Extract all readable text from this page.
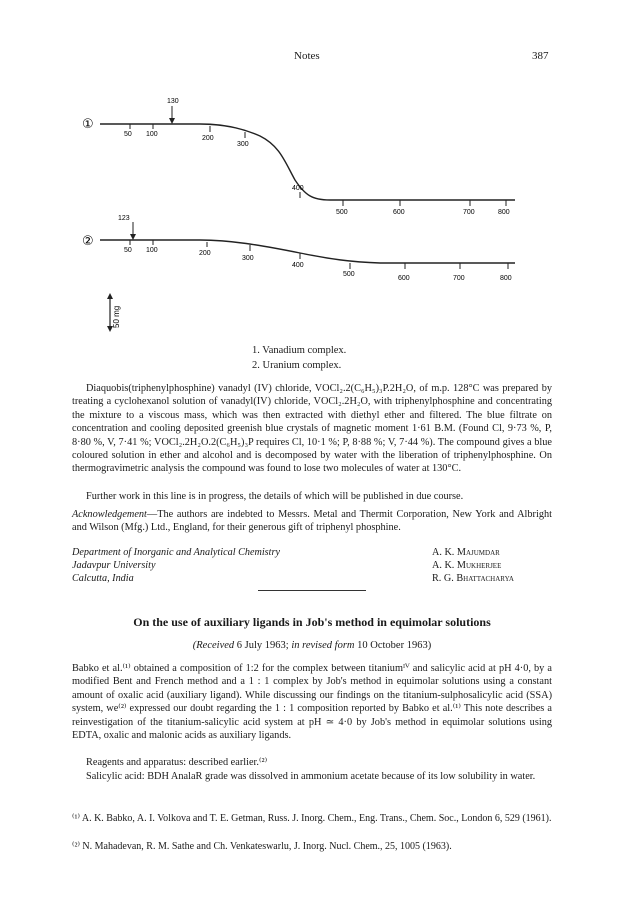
Notes	387
①
130
50 100
200
300
400
500	600	700	800
②
123
50 100	200
300
400
500
600	700	800
50 mg
1. Vanadium complex.
2. Uranium complex.

Diaquobis(triphenylphosphine) vanadyl (IV) chloride, VOCl₂.2(C₆H₅)₃P.2H₂O, of m.p. 128°C was prepared by treating a cyclohexanol solution of vanadyl(IV) chloride, VOCl₂.2H₂O, with triphenylphosphine and concentrating the mixture to a viscous mass, which was then extracted with diethyl ether and filtered. The blue filtrate on concentration and cooling deposited greenish blue crystals of magnetic moment 1·61 B.M. (Found Cl, 9·73 %, P, 8·80 %, V, 7·41 %; VOCl₂.2H₂O.2(C₆H₅)₃P requires Cl, 10·1 %; P, 8·88 %; V, 7·44 %). The compound gives a blue coloured solution in ether and alcohol and is decomposed by water with the liberation of triphenylphosphine. On thermogravimetric analysis the compound was found to lose two molecules of water at 130°C.

Further work in this line is in progress, the details of which will be published in due course.

Acknowledgement—The authors are indebted to Messrs. Metal and Thermit Corporation, New York and Albright and Wilson (Mfg.) Ltd., England, for their generous gift of triphenyl phosphine.

Department of Inorganic and Analytical Chemistry
Jadavpur University
Calcutta, India
A. K. Majumdar
A. K. Mukherjee
R. G. Bhattacharya
On the use of auxiliary ligands in Job's method in equimolar solutions
(Received 6 July 1963; in revised form 10 October 1963)

Babko et al.⁽¹⁾ obtained a composition of 1:2 for the complex between titaniumᴵⱽ and salicylic acid at pH 4·0, by a modified Bent and French method and a 1 : 1 complex by Job's method in equimolar solutions using a constant amount of oxalic acid (auxiliary ligand). While discussing our findings on the titanium-sulphosalicylic acid (SSA) system, we⁽²⁾ expressed our doubt regarding the 1 : 1 composition reported by Babko et al.⁽¹⁾ This note describes a reinvestigation of the titanium-salicylic acid system at pH ≃ 4·0 by Job's method in equimolar solutions using EDTA, oxalic and malonic acids as auxiliary ligands.

Reagents and apparatus: described earlier.⁽²⁾

Salicylic acid: BDH AnalaR grade was dissolved in ammonium acetate because of its low solubility in water.

⁽¹⁾ A. K. Babko, A. I. Volkova and T. E. Getman, Russ. J. Inorg. Chem., Eng. Trans., Chem. Soc., London 6, 529 (1961).

⁽²⁾ N. Mahadevan, R. M. Sathe and Ch. Venkateswarlu, J. Inorg. Nucl. Chem., 25, 1005 (1963).
